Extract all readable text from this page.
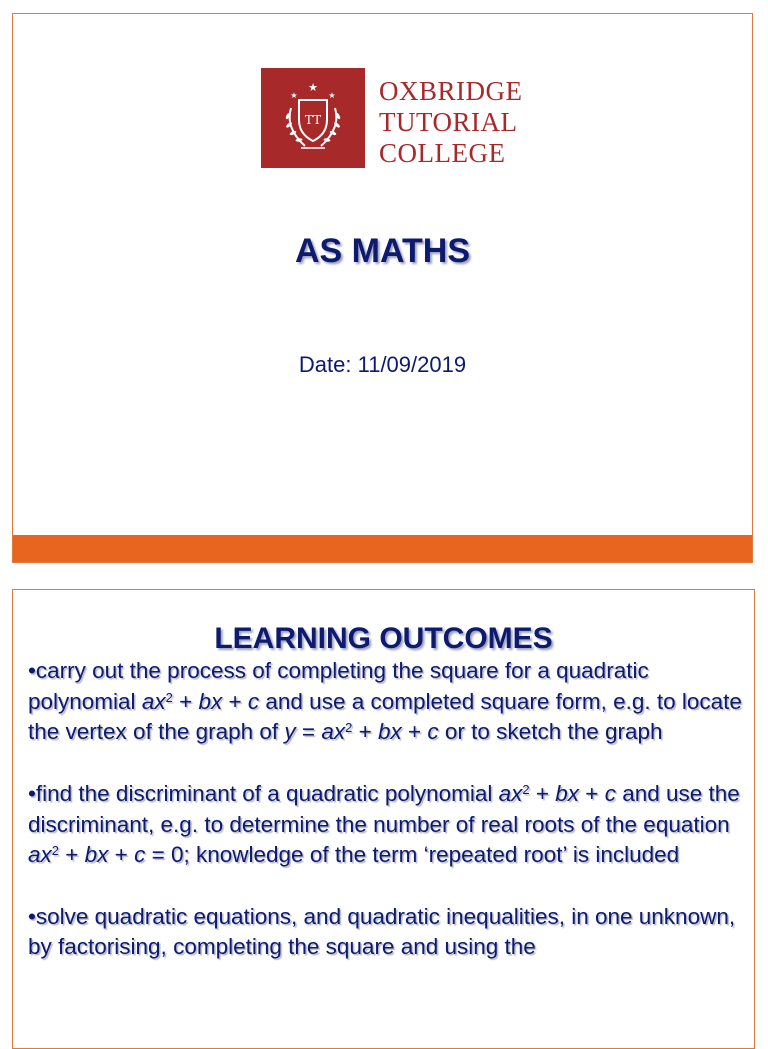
★
★	★
TT
OXBRIDGE
TUTORIAL
COLLEGE
AS MATHS
Date: 11/09/2019
LEARNING OUTCOMES

•carry out the process of completing the square for a quadratic polynomial $ax^2$ + bx + c and use a completed square form, e.g. to locate the vertex of the graph of $y = ax^2$ + bx + c or to sketch the graph

•find the discriminant of a quadratic polynomial $ax^2$ + bx + c and use the discriminant, e.g. to determine the number of real roots of the equation $ax^2$ + bx + c = 0; knowledge of the term ‘repeated root’ is included

•solve quadratic equations, and quadratic inequalities, in one unknown, by factorising, completing the square and using the
